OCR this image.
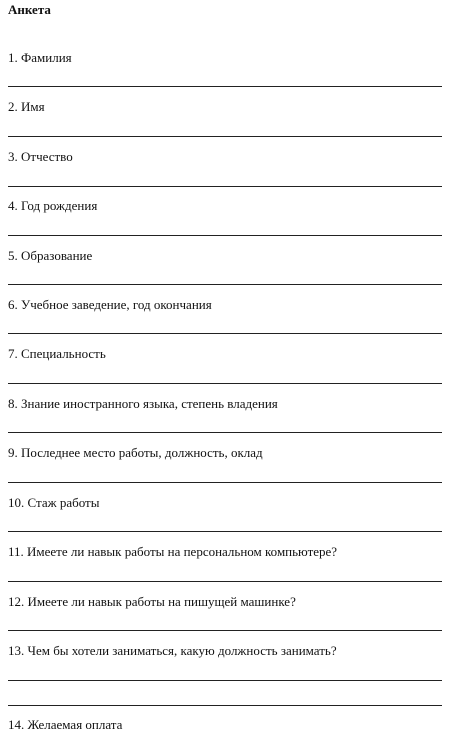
Анкета
1. Фамилия
2. Имя
3. Отчество
4. Год рождения
5. Образование
6. Учебное заведение, год окончания
7. Специальность
8. Знание иностранного языка, степень владения
9. Последнее место работы, должность, оклад
10. Стаж работы
11. Имеете ли навык работы на персональном компьютере?
12. Имеете ли навык работы на пишущей машинке?
13. Чем бы хотели заниматься, какую должность занимать?
14. Желаемая оплата
